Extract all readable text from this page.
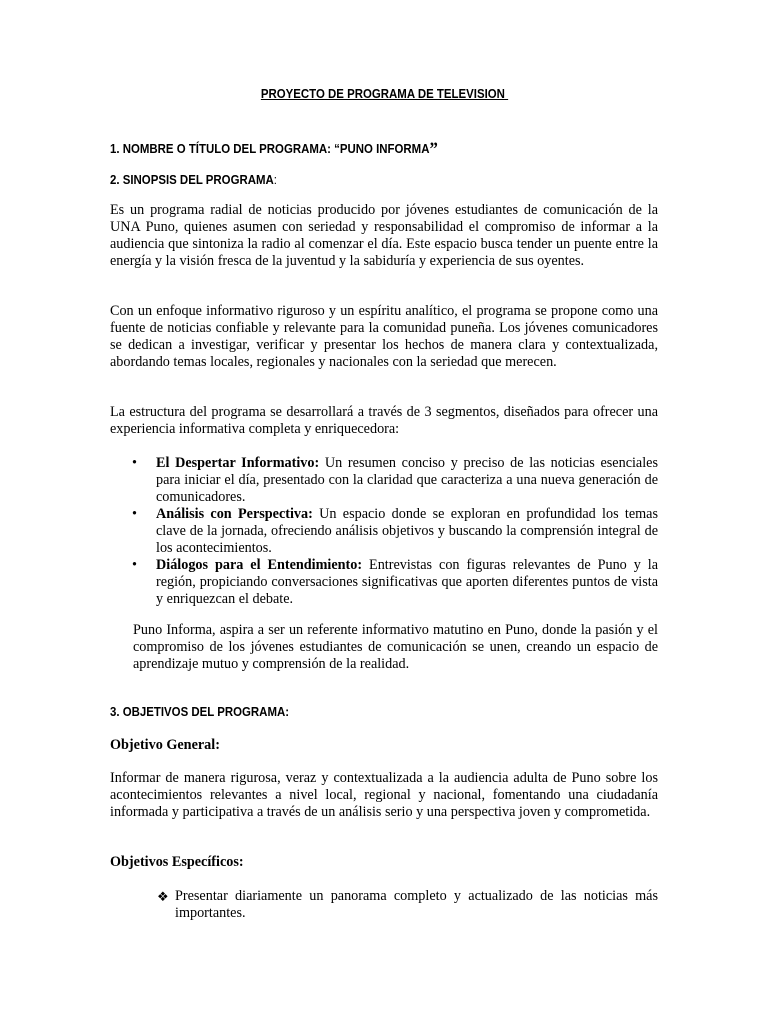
PROYECTO DE PROGRAMA DE TELEVISION
1. NOMBRE O TÍTULO DEL PROGRAMA: “PUNO INFORMA”
2. SINOPSIS DEL PROGRAMA:

Es un programa radial de noticias producido por jóvenes estudiantes de comunicación de la UNA Puno, quienes asumen con seriedad y responsabilidad el compromiso de informar a la audiencia que sintoniza la radio al comenzar el día. Este espacio busca tender un puente entre la energía y la visión fresca de la juventud y la sabiduría y experiencia de sus oyentes.

Con un enfoque informativo riguroso y un espíritu analítico, el programa se propone como una fuente de noticias confiable y relevante para la comunidad puneña. Los jóvenes comunicadores se dedican a investigar, verificar y presentar los hechos de manera clara y contextualizada, abordando temas locales, regionales y nacionales con la seriedad que merecen.

La estructura del programa se desarrollará a través de 3 segmentos, diseñados para ofrecer una experiencia informativa completa y enriquecedora:

• El Despertar Informativo: Un resumen conciso y preciso de las noticias esenciales para iniciar el día, presentado con la claridad que caracteriza a una nueva generación de comunicadores.
• Análisis con Perspectiva: Un espacio donde se exploran en profundidad los temas clave de la jornada, ofreciendo análisis objetivos y buscando la comprensión integral de los acontecimientos.
• Diálogos para el Entendimiento: Entrevistas con figuras relevantes de Puno y la región, propiciando conversaciones significativas que aporten diferentes puntos de vista y enriquezcan el debate.

Puno Informa, aspira a ser un referente informativo matutino en Puno, donde la pasión y el compromiso de los jóvenes estudiantes de comunicación se unen, creando un espacio de aprendizaje mutuo y comprensión de la realidad.

3. OBJETIVOS DEL PROGRAMA:
Objetivo General:

Informar de manera rigurosa, veraz y contextualizada a la audiencia adulta de Puno sobre los acontecimientos relevantes a nivel local, regional y nacional, fomentando una ciudadanía informada y participativa a través de un análisis serio y una perspectiva joven y comprometida.

Objetivos Específicos:
❖ Presentar diariamente un panorama completo y actualizado de las noticias más importantes.
